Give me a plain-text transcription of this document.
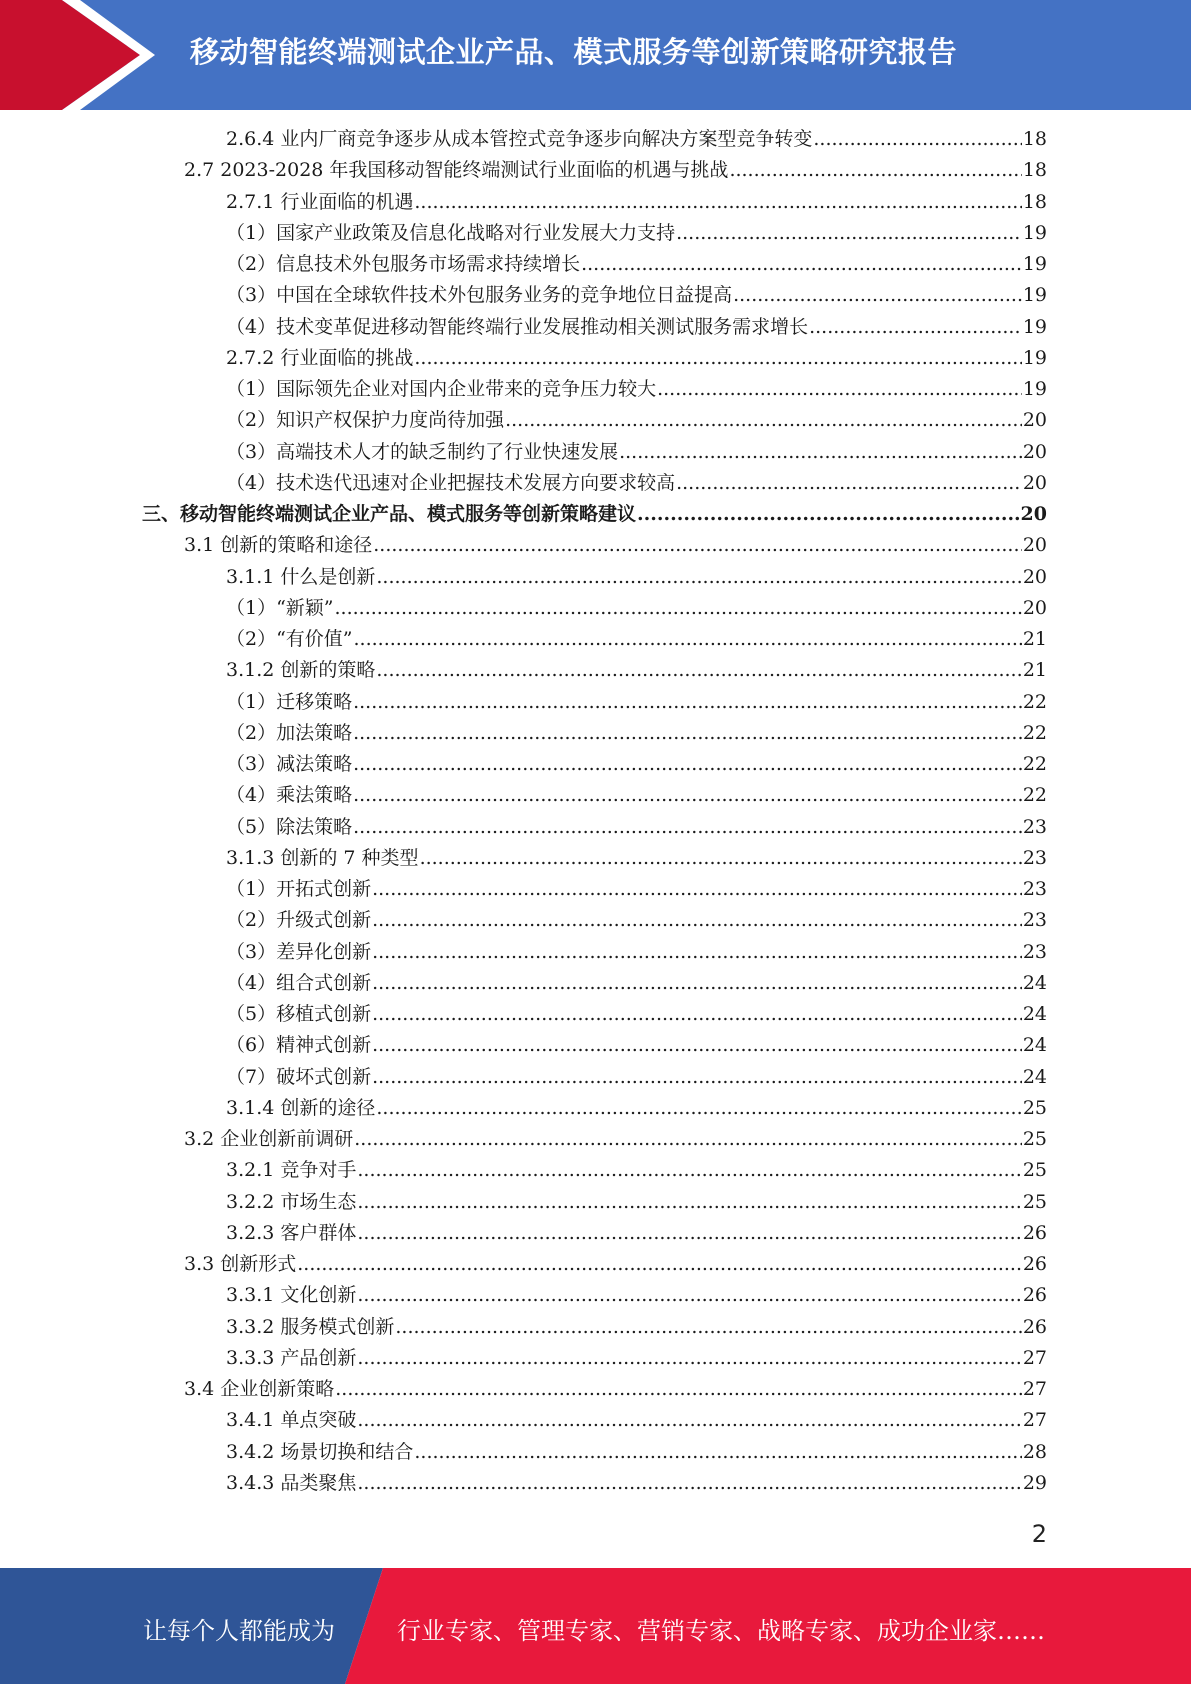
移动智能终端测试企业产品、模式服务等创新策略研究报告
2.6.4 业内厂商竞争逐步从成本管控式竞争逐步向解决方案型竞争转变 .....	18
2.7 2023-2028 年我国移动智能终端测试行业面临的机遇与挑战 .....	18
2.7.1 行业面临的机遇 .....	18
（1）国家产业政策及信息化战略对行业发展大力支持 .....	19
（2）信息技术外包服务市场需求持续增长 .....	19
（3）中国在全球软件技术外包服务业务的竞争地位日益提高 .....	19
（4）技术变革促进移动智能终端行业发展推动相关测试服务需求增长 .....	19
2.7.2 行业面临的挑战 .....	19
（1）国际领先企业对国内企业带来的竞争压力较大 .....	19
（2）知识产权保护力度尚待加强 .....	20
（3）高端技术人才的缺乏制约了行业快速发展 .....	20
（4）技术迭代迅速对企业把握技术发展方向要求较高 .....	20
三、移动智能终端测试企业产品、模式服务等创新策略建议 .....	20
3.1 创新的策略和途径 .....	20
3.1.1 什么是创新 .....	20
（1）“新颖” .....	20
（2）“有价值” .....	21
3.1.2 创新的策略 .....	21
（1）迁移策略 .....	22
（2）加法策略 .....	22
（3）减法策略 .....	22
（4）乘法策略 .....	22
（5）除法策略 .....	23
3.1.3 创新的 7 种类型 .....	23
（1）开拓式创新 .....	23
（2）升级式创新 .....	23
（3）差异化创新 .....	23
（4）组合式创新 .....	24
（5）移植式创新 .....	24
（6）精神式创新 .....	24
（7）破坏式创新 .....	24
3.1.4 创新的途径 .....	25
3.2 企业创新前调研 .....	25
3.2.1 竞争对手 .....	25
3.2.2 市场生态 .....	25
3.2.3 客户群体 .....	26
3.3 创新形式 .....	26
3.3.1 文化创新 .....	26
3.3.2 服务模式创新 .....	26
3.3.3 产品创新 .....	27
3.4 企业创新策略 .....	27
3.4.1 单点突破 .....	27
3.4.2 场景切换和结合 .....	28
3.4.3 品类聚焦 .....	29
2
让每个人都能成为	行业专家、管理专家、营销专家、战略专家、成功企业家……
